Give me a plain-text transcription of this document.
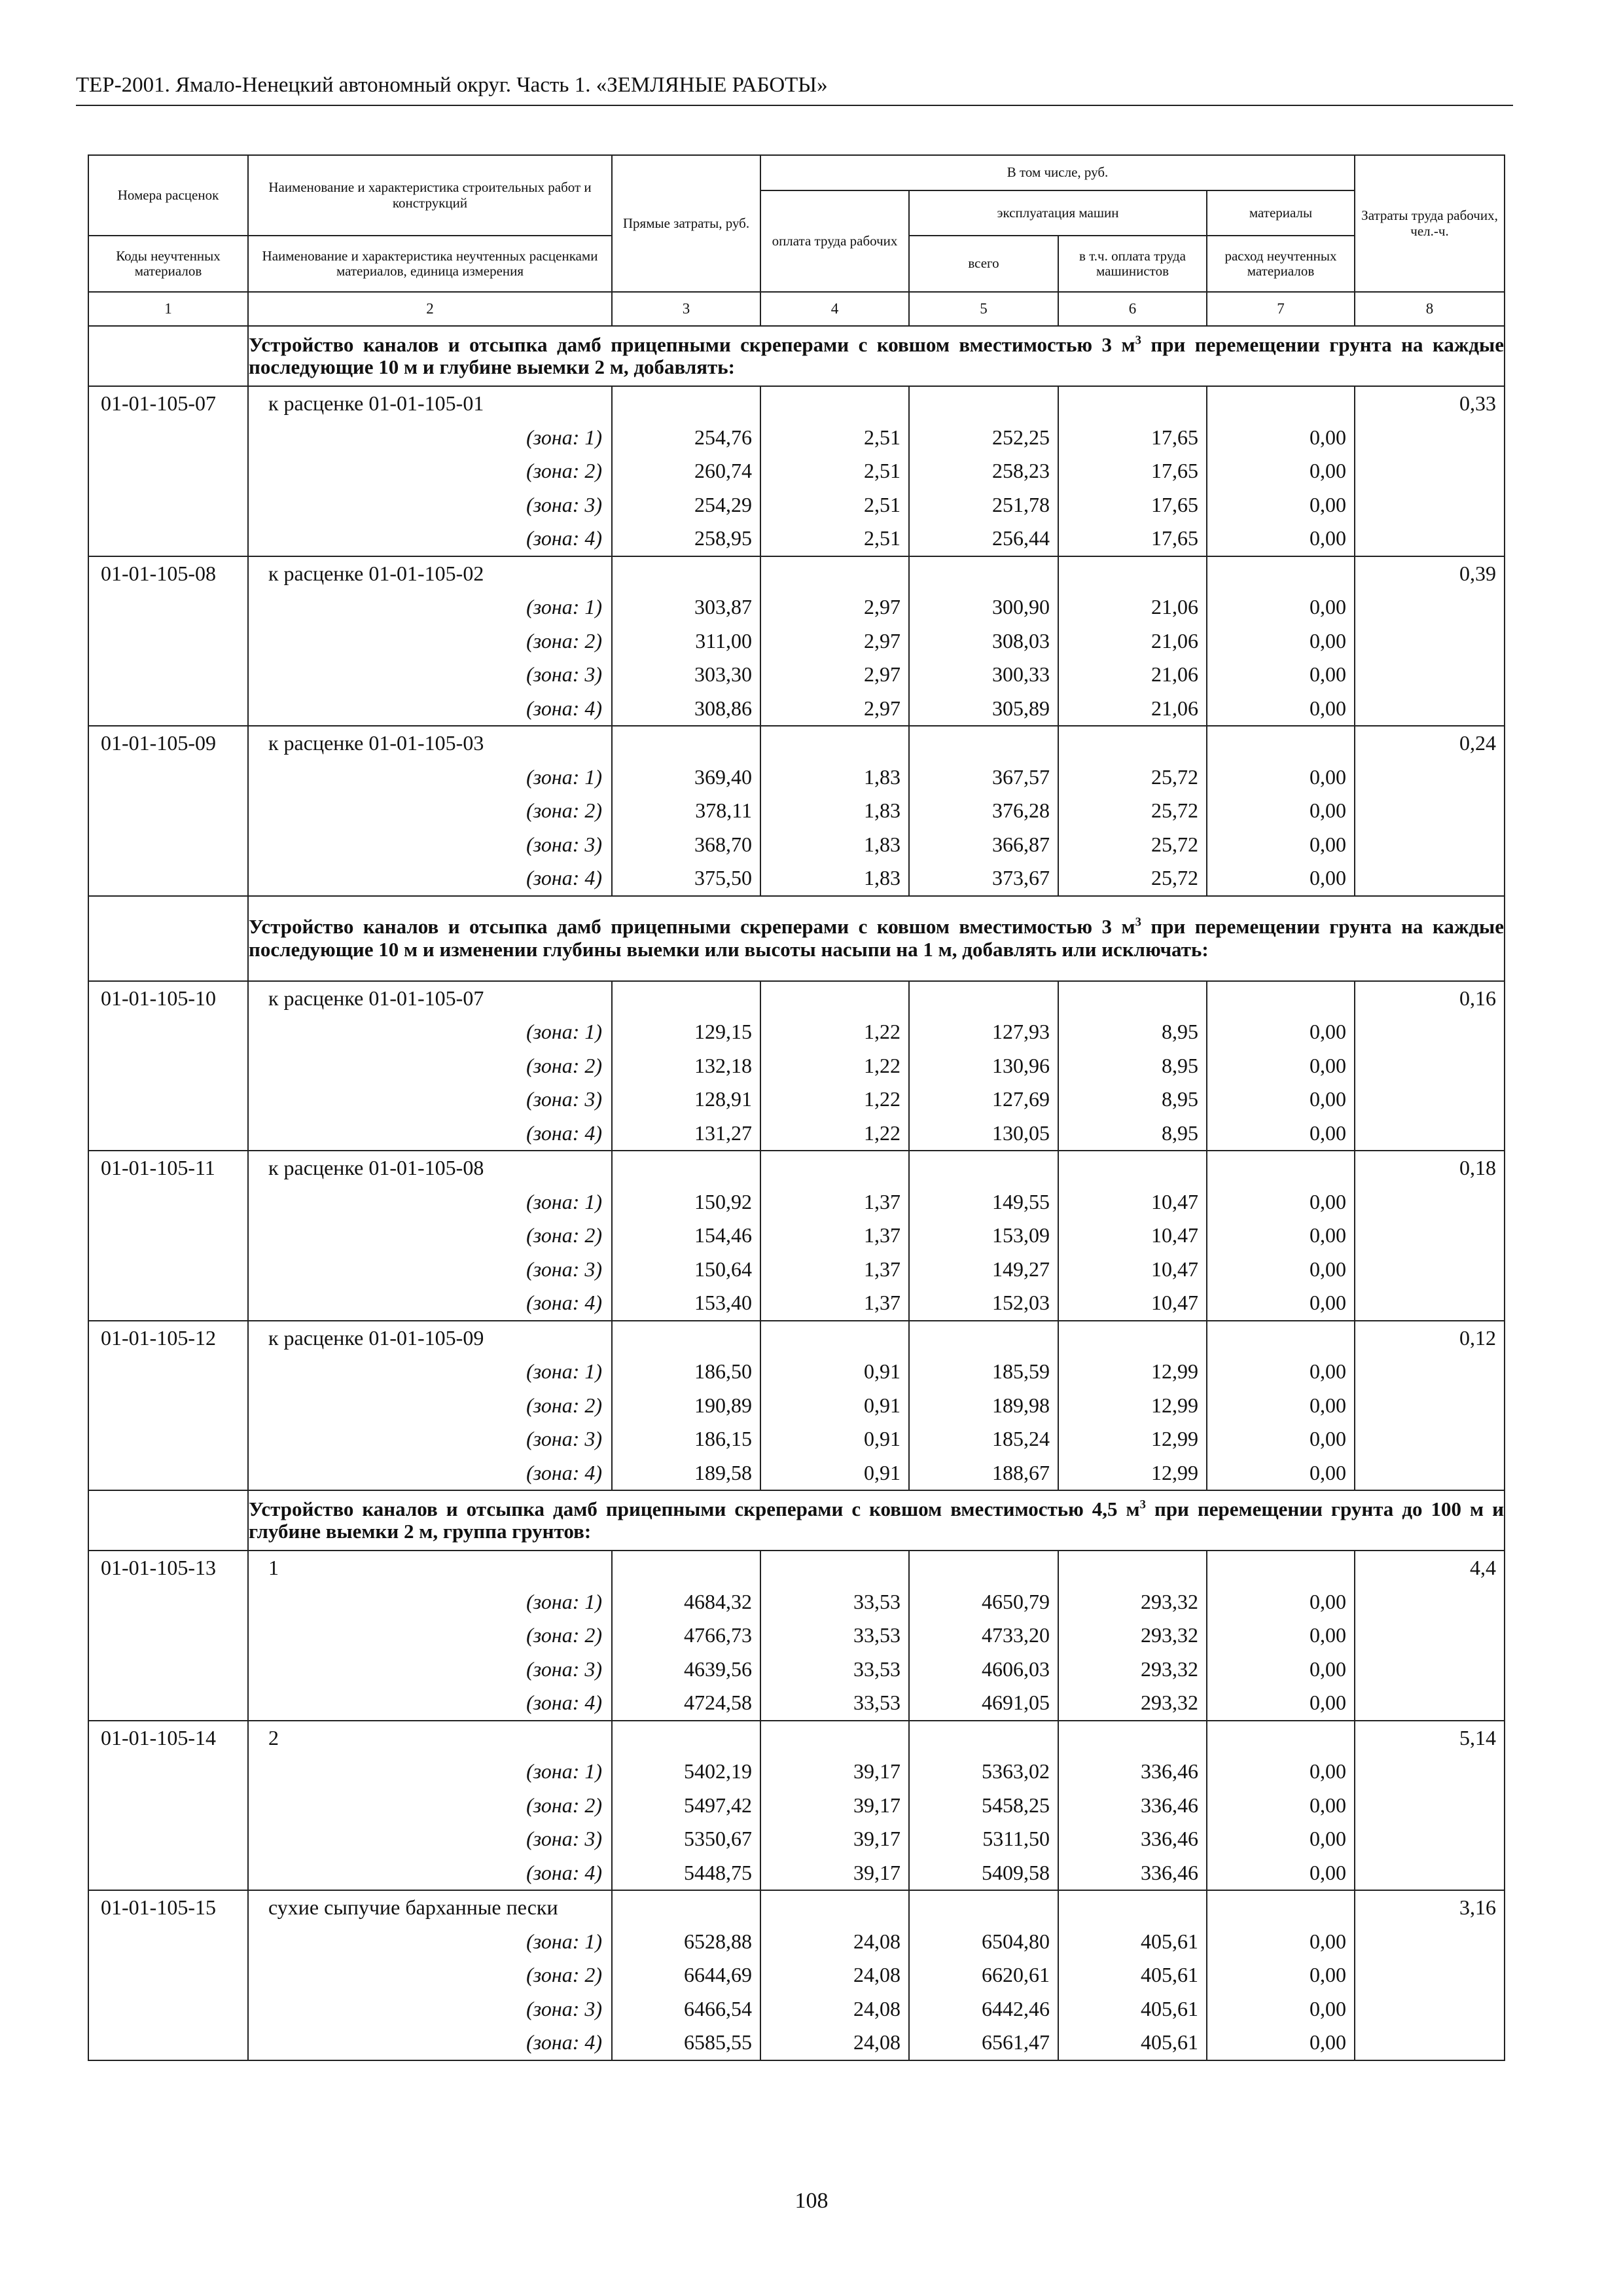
ТЕР-2001. Ямало-Ненецкий автономный округ. Часть 1. «ЗЕМЛЯНЫЕ РАБОТЫ»
Номера расценок	Наименование и характеристика строительных работ и конструкций	Прямые затраты, руб.	В том числе, руб.				Затраты труда рабочих, чел.-ч.
			оплата труда рабочих	эксплуатация машин		материалы	

Коды неучтенных материалов	Наименование и характеристика неучтенных расценками материалов, единица измерения			всего	в т.ч. оплата труда машинистов	расход неучтенных материалов	

1	2	3	4	5	6	7	8
	Устройство каналов и отсыпка дамб прицепными скреперами с ковшом вместимостью 3 $м^3$ при перемещении грунта на каждые последующие 10 м и глубине выемки 2 м, добавлять:						
01-01-105-07	к расценке 01-01-105-01						0,33
	(зона: 1)	254,76	2,51	252,25	17,65	0,00	
	(зона: 2)	260,74	2,51	258,23	17,65	0,00	
	(зона: 3)	254,29	2,51	251,78	17,65	0,00	
	(зона: 4)	258,95	2,51	256,44	17,65	0,00	
01-01-105-08	к расценке 01-01-105-02						0,39
	(зона: 1)	303,87	2,97	300,90	21,06	0,00	
	(зона: 2)	311,00	2,97	308,03	21,06	0,00	
	(зона: 3)	303,30	2,97	300,33	21,06	0,00	
	(зона: 4)	308,86	2,97	305,89	21,06	0,00	
01-01-105-09	к расценке 01-01-105-03						0,24
	(зона: 1)	369,40	1,83	367,57	25,72	0,00	
	(зона: 2)	378,11	1,83	376,28	25,72	0,00	
	(зона: 3)	368,70	1,83	366,87	25,72	0,00	
	(зона: 4)	375,50	1,83	373,67	25,72	0,00	
	Устройство каналов и отсыпка дамб прицепными скреперами с ковшом вместимостью 3 $м^3$ при перемещении грунта на каждые последующие 10 м и изменении глубины выемки или высоты насыпи на 1 м, добавлять или исключать:						
01-01-105-10	к расценке 01-01-105-07						0,16
	(зона: 1)	129,15	1,22	127,93	8,95	0,00	
	(зона: 2)	132,18	1,22	130,96	8,95	0,00	
	(зона: 3)	128,91	1,22	127,69	8,95	0,00	
	(зона: 4)	131,27	1,22	130,05	8,95	0,00	
01-01-105-11	к расценке 01-01-105-08						0,18
	(зона: 1)	150,92	1,37	149,55	10,47	0,00	
	(зона: 2)	154,46	1,37	153,09	10,47	0,00	
	(зона: 3)	150,64	1,37	149,27	10,47	0,00	
	(зона: 4)	153,40	1,37	152,03	10,47	0,00	
01-01-105-12	к расценке 01-01-105-09						0,12
	(зона: 1)	186,50	0,91	185,59	12,99	0,00	
	(зона: 2)	190,89	0,91	189,98	12,99	0,00	
	(зона: 3)	186,15	0,91	185,24	12,99	0,00	
	(зона: 4)	189,58	0,91	188,67	12,99	0,00	
	Устройство каналов и отсыпка дамб прицепными скреперами с ковшом вместимостью 4,5 $м^3$ при перемещении грунта до 100 м и глубине выемки 2 м, группа грунтов:						
01-01-105-13	1						4,4
	(зона: 1)	4684,32	33,53	4650,79	293,32	0,00	
	(зона: 2)	4766,73	33,53	4733,20	293,32	0,00	
	(зона: 3)	4639,56	33,53	4606,03	293,32	0,00	
	(зона: 4)	4724,58	33,53	4691,05	293,32	0,00	
01-01-105-14	2						5,14
	(зона: 1)	5402,19	39,17	5363,02	336,46	0,00	
	(зона: 2)	5497,42	39,17	5458,25	336,46	0,00	
	(зона: 3)	5350,67	39,17	5311,50	336,46	0,00	
	(зона: 4)	5448,75	39,17	5409,58	336,46	0,00	
01-01-105-15	сухие сыпучие барханные пески						3,16
	(зона: 1)	6528,88	24,08	6504,80	405,61	0,00	
	(зона: 2)	6644,69	24,08	6620,61	405,61	0,00	
	(зона: 3)	6466,54	24,08	6442,46	405,61	0,00	
	(зона: 4)	6585,55	24,08	6561,47	405,61	0,00	
108
